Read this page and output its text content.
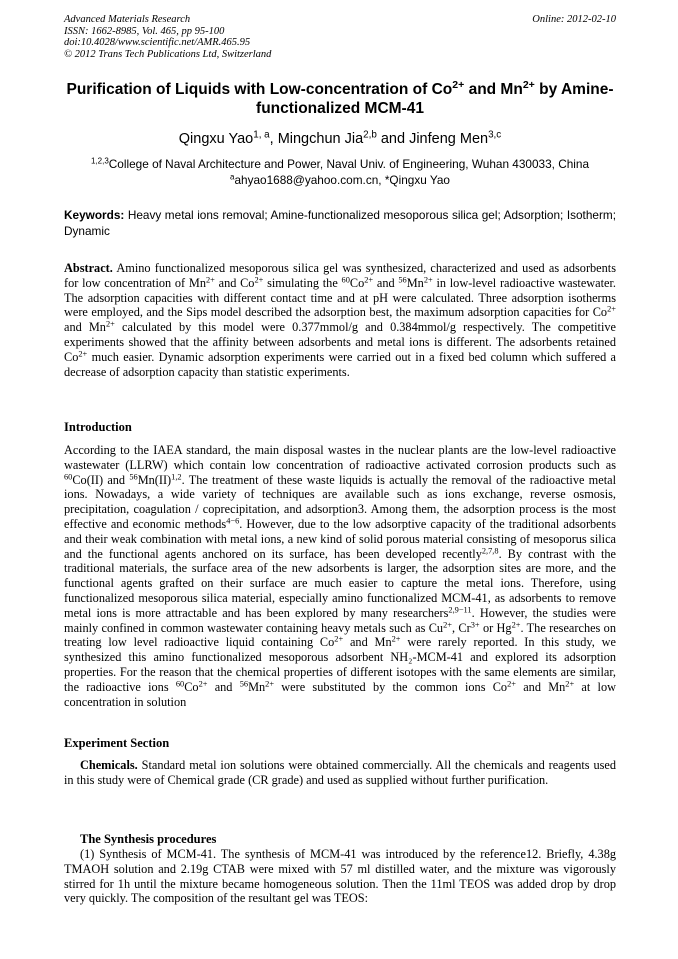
Advanced Materials Research
ISSN: 1662-8985, Vol. 465, pp 95-100
doi:10.4028/www.scientific.net/AMR.465.95
© 2012 Trans Tech Publications Ltd, Switzerland
Online: 2012-02-10
Purification of Liquids with Low-concentration of $Co^{2+}$ and $Mn^{2+}$ by Amine-functionalized MCM-41
Qingxu Yao$^{1, a}$, Mingchun Jia$^{2,b}$ and Jinfeng Men$^{3,c}$
$^{1,2,3}$College of Naval Architecture and Power, Naval Univ. of Engineering, Wuhan 430033, China
$^a$ahyao1688@yahoo.com.cn, *Qingxu Yao
Keywords: Heavy metal ions removal; Amine-functionalized mesoporous silica gel; Adsorption; Isotherm; Dynamic

Abstract. Amino functionalized mesoporous silica gel was synthesized, characterized and used as adsorbents for low concentration of $Mn^{2+}$ and $Co^{2+}$ simulating the $^{60}Co^{2+}$ and $^{56}Mn^{2+}$ in low-level radioactive wastewater. The adsorption capacities with different contact time and at pH were calculated. Three adsorption isotherms were employed, and the Sips model described the adsorption best, the maximum adsorption capacities for $Co^{2+}$ and $Mn^{2+}$ calculated by this model were 0.377mmol/g and 0.384mmol/g respectively. The competitive experiments showed that the affinity between adsorbents and metal ions is different. The adsorbents retained $Co^{2+}$ much easier. Dynamic adsorption experiments were carried out in a fixed bed column which suffered a decrease of adsorption capacity than statistic experiments.

Introduction

According to the IAEA standard, the main disposal wastes in the nuclear plants are the low-level radioactive wastewater (LLRW) which contain low concentration of radioactive activated corrosion products such as $^{60}$Co(II) and $^{56}$Mn(II)$^{1,2}$. The treatment of these waste liquids is actually the removal of the radioactive metal ions. Nowadays, a wide variety of techniques are available such as ions exchange, reverse osmosis, precipitation, coagulation / coprecipitation, and adsorption3. Among them, the adsorption process is the most effective and economic methods$^{4-6}$. However, due to the low adsorptive capacity of the traditional adsorbents and their weak combination with metal ions, a new kind of solid porous material consisting of mesoporus silica and the functional agents anchored on its surface, has been developed recently$^{2,7,8}$. By contrast with the traditional materials, the surface area of the new adsorbents is larger, the adsorption sites are more, and the functional agents grafted on their surface are much easier to capture the metal ions. Therefore, using functionalized mesoporous silica material, especially amino functionalized MCM-41, as adsorbents to remove metal ions is more attractable and has been explored by many researchers$^{2,9-11}$. However, the studies were mainly confined in common wastewater containing heavy metals such as $Cu^{2+}$, $Cr^{3+}$ or $Hg^{2+}$. The researches on treating low level radioactive liquid containing $Co^{2+}$ and $Mn^{2+}$ were rarely reported. In this study, we synthesized this amino functionalized mesoporous adsorbent NH₂-MCM-41 and explored its adsorption properties. For the reason that the chemical properties of different isotopes with the same elements are similar, the radioactive ions $^{60}Co^{2+}$ and $^{56}Mn^{2+}$ were substituted by the common ions $Co^{2+}$ and $Mn^{2+}$ at low concentration in solution

Experiment Section

Chemicals. Standard metal ion solutions were obtained commercially. All the chemicals and reagents used in this study were of Chemical grade (CR grade) and used as supplied without further purification.

The Synthesis procedures

(1) Synthesis of MCM-41. The synthesis of MCM-41 was introduced by the reference12. Briefly, 4.38g TMAOH solution and 2.19g CTAB were mixed with 57 ml distilled water, and the mixture was vigorously stirred for 1h until the mixture became homogeneous solution. Then the 11ml TEOS was added drop by drop very quickly. The composition of the resultant gel was TEOS:
